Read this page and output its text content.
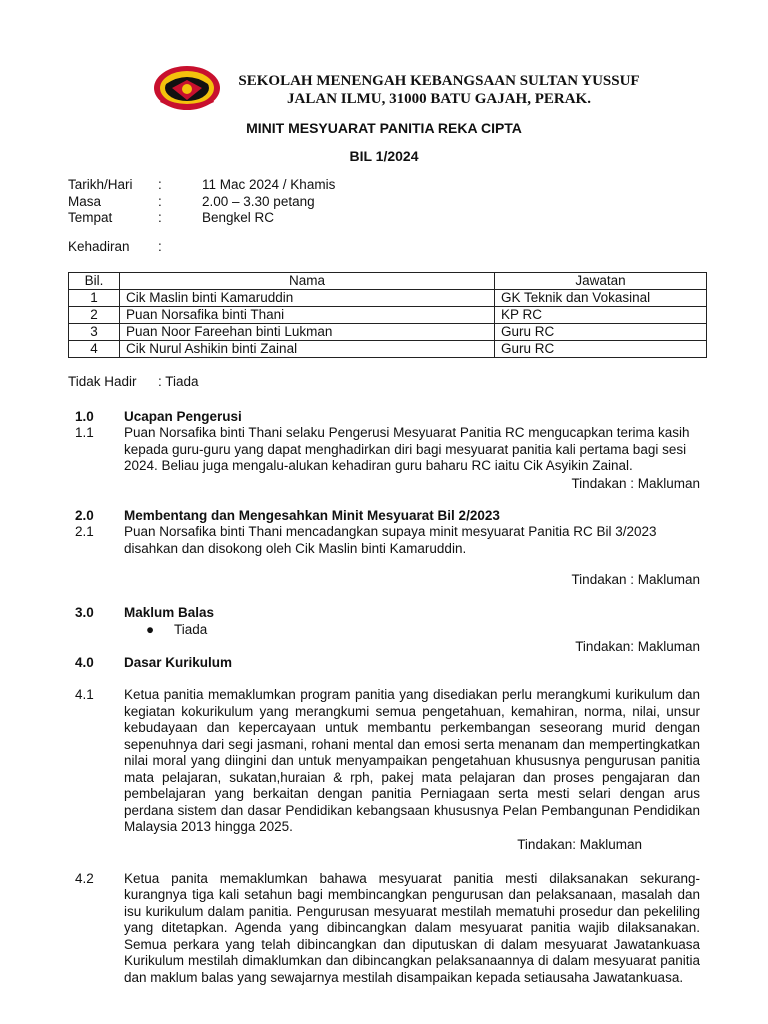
SEKOLAH MENENGAH KEBANGSAAN SULTAN YUSSUF
JALAN ILMU, 31000 BATU GAJAH, PERAK.
MINIT MESYUARAT PANITIA REKA CIPTA
BIL 1/2024
Tarikh/Hari	:	11 Mac 2024 / Khamis
Masa	:	2.00 – 3.30 petang
Tempat	:	Bengkel RC
Kehadiran	:
Bil.	Nama	Jawatan
1	Cik Maslin binti Kamaruddin	GK Teknik dan Vokasinal
2	Puan Norsafika binti Thani	KP RC
3	Puan Noor Fareehan binti Lukman	Guru RC
4	Cik Nurul Ashikin binti Zainal	Guru RC
Tidak Hadir	: Tiada
1.0	Ucapan Pengerusi
1.1	Puan Norsafika binti Thani selaku Pengerusi Mesyuarat Panitia RC mengucapkan terima kasih kepada guru-guru yang dapat menghadirkan diri bagi mesyuarat panitia kali pertama bagi sesi 2024. Beliau juga mengalu-alukan kehadiran guru baharu RC iaitu Cik Asyikin Zainal.
Tindakan : Makluman
2.0	Membentang dan Mengesahkan Minit Mesyuarat Bil 2/2023
2.1	Puan Norsafika binti Thani mencadangkan supaya minit mesyuarat Panitia RC Bil 3/2023 disahkan dan disokong oleh Cik Maslin binti Kamaruddin.
Tindakan : Makluman
3.0	Maklum Balas
●	Tiada
Tindakan: Makluman
4.0	Dasar Kurikulum
4.1	Ketua panitia memaklumkan program panitia yang disediakan perlu merangkumi kurikulum dan kegiatan kokurikulum yang merangkumi semua pengetahuan, kemahiran, norma, nilai, unsur kebudayaan dan kepercayaan untuk membantu perkembangan seseorang murid dengan sepenuhnya dari segi jasmani, rohani mental dan emosi serta menanam dan mempertingkatkan nilai moral yang diingini dan untuk menyampaikan pengetahuan khususnya pengurusan panitia mata pelajaran, sukatan,huraian & rph, pakej mata pelajaran dan proses pengajaran dan pembelajaran yang berkaitan dengan panitia Perniagaan serta mesti selari dengan arus perdana sistem dan dasar Pendidikan kebangsaan khususnya Pelan Pembangunan Pendidikan Malaysia 2013 hingga 2025.
Tindakan: Makluman
4.2	Ketua panita memaklumkan bahawa mesyuarat panitia mesti dilaksanakan sekurang- kurangnya tiga kali setahun bagi membincangkan pengurusan dan pelaksanaan, masalah dan isu kurikulum dalam panitia. Pengurusan mesyuarat mestilah mematuhi prosedur dan pekeliling yang ditetapkan. Agenda yang dibincangkan dalam mesyuarat panitia wajib dilaksanakan. Semua perkara yang telah dibincangkan dan diputuskan di dalam mesyuarat Jawatankuasa Kurikulum mestilah dimaklumkan dan dibincangkan pelaksanaannya di dalam mesyuarat panitia dan maklum balas yang sewajarnya mestilah disampaikan kepada setiausaha Jawatankuasa.
